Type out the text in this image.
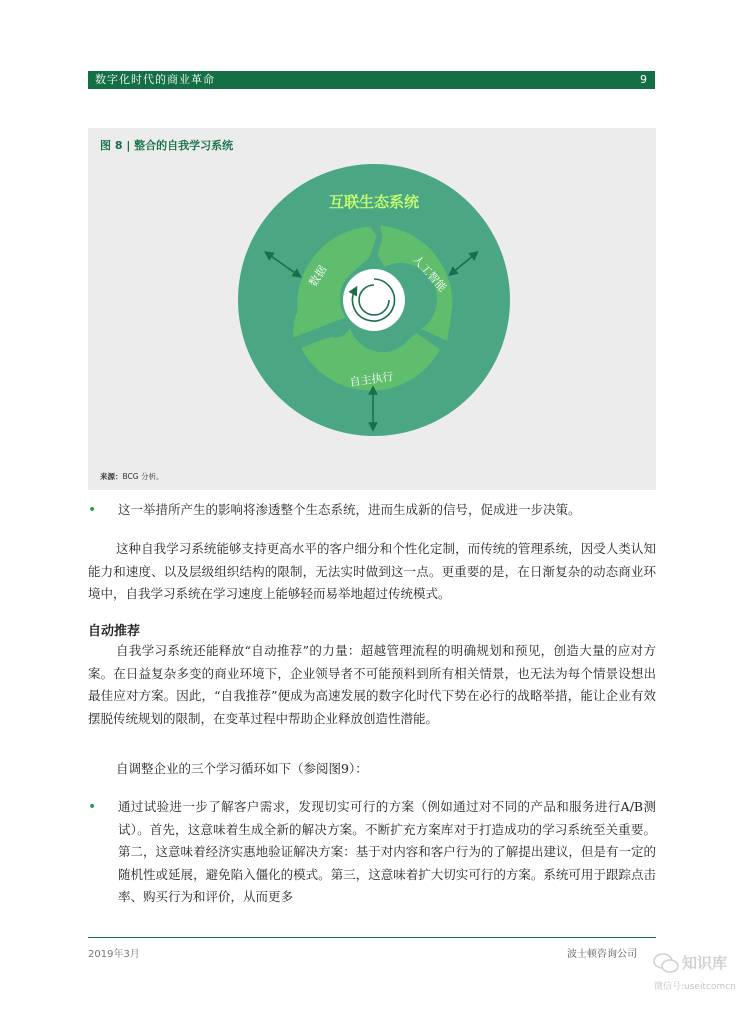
数字化时代的商业革命	9
图 8 | 整合的自我学习系统
互联生态系统
数据	人工智能
自主执行
来源：BCG 分析。
• 这一举措所产生的影响将渗透整个生态系统，进而生成新的信号，促成进一步决策。

这种自我学习系统能够支持更高水平的客户细分和个性化定制，而传统的管理系统，因受人类认知能力和速度、以及层级组织结构的限制，无法实时做到这一点。更重要的是，在日渐复杂的动态商业环境中，自我学习系统在学习速度上能够轻而易举地超过传统模式。

自动推荐

自我学习系统还能释放“自动推荐”的力量：超越管理流程的明确规划和预见，创造大量的应对方案。在日益复杂多变的商业环境下，企业领导者不可能预料到所有相关情景，也无法为每个情景设想出最佳应对方案。因此，“自我推荐”便成为高速发展的数字化时代下势在必行的战略举措，能让企业有效摆脱传统规划的限制，在变革过程中帮助企业释放创造性潜能。

自调整企业的三个学习循环如下（参阅图9）：

• 通过试验进一步了解客户需求，发现切实可行的方案（例如通过对不同的产品和服务进行A/B测试）。首先，这意味着生成全新的解决方案。不断扩充方案库对于打造成功的学习系统至关重要。第二，这意味着经济实惠地验证解决方案：基于对内容和客户行为的了解提出建议，但是有一定的随机性或延展，避免陷入僵化的模式。第三，这意味着扩大切实可行的方案。系统可用于跟踪点击率、购买行为和评价，从而更多
2019年3月	波士顿咨询公司	知识库
微信号:useitcomcn
